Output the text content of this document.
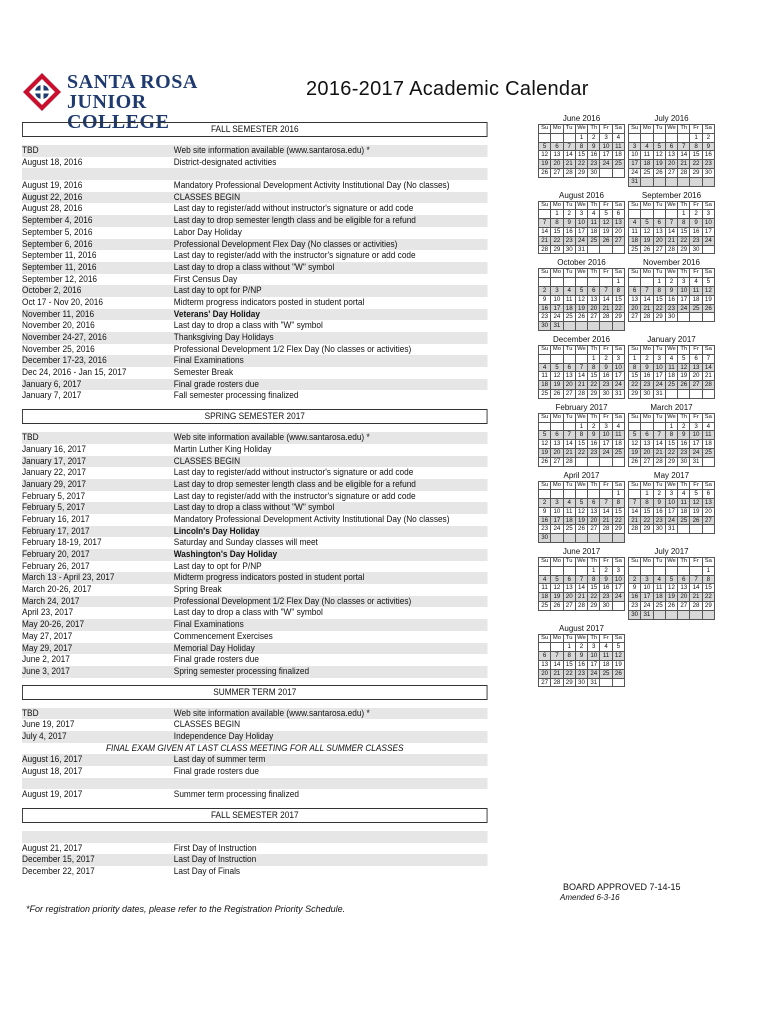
SANTA ROSA
JUNIOR COLLEGE
2016-2017 Academic Calendar
FALL SEMESTER 2016
TBD	Web site information available (www.santarosa.edu) *
August 18, 2016	District-designated activities
August 19, 2016	Mandatory Professional Development Activity Institutional Day (No classes)
August 22, 2016	CLASSES BEGIN
August 28, 2016	Last day to register/add without instructor's signature or add code
September 4, 2016	Last day to drop semester length class and be eligible for a refund
September 5, 2016	Labor Day Holiday
September 6, 2016	Professional Development Flex Day (No classes or activities)
September 11, 2016	Last day to register/add with the instructor's signature or add code
September 11, 2016	Last day to drop a class without "W" symbol
September 12, 2016	First Census Day
October 2, 2016	Last day to opt for P/NP
Oct 17 - Nov 20, 2016	Midterm progress indicators posted in student portal
November 11, 2016	Veterans' Day Holiday
November 20, 2016	Last day to drop a class with "W" symbol
November 24-27, 2016	Thanksgiving Day Holidays
November 25, 2016	Professional Development 1/2 Flex Day (No classes or activities)
December 17-23, 2016	Final Examinations
Dec 24, 2016 - Jan 15, 2017	Semester Break
January 6, 2017	Final grade rosters due
January 7, 2017	Fall semester processing finalized
SPRING SEMESTER 2017
TBD	Web site information available (www.santarosa.edu) *
January 16, 2017	Martin Luther King Holiday
January 17, 2017	CLASSES BEGIN
January 22, 2017	Last day to register/add without instructor's signature or add code
January 29, 2017	Last day to drop semester length class and be eligible for a refund
February 5, 2017	Last day to register/add with the instructor's signature or add code
February 5, 2017	Last day to drop a class without "W" symbol
February 16, 2017	Mandatory Professional Development Activity Institutional Day (No classes)
February 17, 2017	Lincoln's Day Holiday
February 18-19, 2017	Saturday and Sunday classes will meet
February 20, 2017	Washington's Day Holiday
February 26, 2017	Last day to opt for P/NP
March 13 - April 23, 2017	Midterm progress indicators posted in student portal
March 20-26, 2017	Spring Break
March 24, 2017	Professional Development 1/2 Flex Day (No classes or activities)
April 23, 2017	Last day to drop a class with "W" symbol
May 20-26, 2017	Final Examinations
May 27, 2017	Commencement Exercises
May 29, 2017	Memorial Day Holiday
June 2, 2017	Final grade rosters due
June 3, 2017	Spring semester processing finalized
SUMMER TERM 2017
TBD	Web site information available (www.santarosa.edu) *
June 19, 2017	CLASSES BEGIN
July 4, 2017	Independence Day Holiday
FINAL EXAM GIVEN AT LAST CLASS MEETING FOR ALL SUMMER CLASSES
August 16, 2017	Last day of summer term
August 18, 2017	Final grade rosters due
August 19, 2017	Summer term processing finalized
FALL SEMESTER 2017
August 21, 2017	First Day of Instruction
December 15, 2017	Last Day of Instruction
December 22, 2017	Last Day of Finals
June 2016
Su	Mo	Tu	We	Th	Fr	Sa
			1	2	3	4
5	6	7	8	9	10	11
12	13	14	15	16	17	18
19	20	21	22	23	24	25
26	27	28	29	30		
July 2016
Su	Mo	Tu	We	Th	Fr	Sa
					1	2
3	4	5	6	7	8	9
10	11	12	13	14	15	16
17	18	19	20	21	22	23
24	25	26	27	28	29	30
31						
August 2016
Su	Mo	Tu	We	Th	Fr	Sa
	1	2	3	4	5	6
7	8	9	10	11	12	13
14	15	16	17	18	19	20
21	22	23	24	25	26	27
28	29	30	31			
September 2016
Su	Mo	Tu	We	Th	Fr	Sa
				1	2	3
4	5	6	7	8	9	10
11	12	13	14	15	16	17
18	19	20	21	22	23	24
25	26	27	28	29	30	
October 2016
Su	Mo	Tu	We	Th	Fr	Sa
						1
2	3	4	5	6	7	8
9	10	11	12	13	14	15
16	17	18	19	20	21	22
23	24	25	26	27	28	29
30	31					
November 2016
Su	Mo	Tu	We	Th	Fr	Sa
		1	2	3	4	5
6	7	8	9	10	11	12
13	14	15	16	17	18	19
20	21	22	23	24	25	26
27	28	29	30			
December 2016
Su	Mo	Tu	We	Th	Fr	Sa
				1	2	3
4	5	6	7	8	9	10
11	12	13	14	15	16	17
18	19	20	21	22	23	24
25	26	27	28	29	30	31
January 2017
Su	Mo	Tu	We	Th	Fr	Sa
1	2	3	4	5	6	7
8	9	10	11	12	13	14
15	16	17	18	19	20	21
22	23	24	25	26	27	28
29	30	31				
February 2017
Su	Mo	Tu	We	Th	Fr	Sa
			1	2	3	4
5	6	7	8	9	10	11
12	13	14	15	16	17	18
19	20	21	22	23	24	25
26	27	28				
March 2017
Su	Mo	Tu	We	Th	Fr	Sa
			1	2	3	4
5	6	7	8	9	10	11
12	13	14	15	16	17	18
19	20	21	22	23	24	25
26	27	28	29	30	31	
April 2017
Su	Mo	Tu	We	Th	Fr	Sa
						1
2	3	4	5	6	7	8
9	10	11	12	13	14	15
16	17	18	19	20	21	22
23	24	25	26	27	28	29
30						
May 2017
Su	Mo	Tu	We	Th	Fr	Sa
	1	2	3	4	5	6
7	8	9	10	11	12	13
14	15	16	17	18	19	20
21	22	23	24	25	26	27
28	29	30	31			
June 2017
Su	Mo	Tu	We	Th	Fr	Sa
				1	2	3
4	5	6	7	8	9	10
11	12	13	14	15	16	17
18	19	20	21	22	23	24
25	26	27	28	29	30	
July 2017
Su	Mo	Tu	We	Th	Fr	Sa
						1
2	3	4	5	6	7	8
9	10	11	12	13	14	15
16	17	18	19	20	21	22
23	24	25	26	27	28	29
30	31					
August 2017
Su	Mo	Tu	We	Th	Fr	Sa
		1	2	3	4	5
6	7	8	9	10	11	12
13	14	15	16	17	18	19
20	21	22	23	24	25	26
27	28	29	30	31		
BOARD APPROVED 7-14-15
Amended 6-3-16
*For registration priority dates, please refer to the Registration Priority Schedule.
